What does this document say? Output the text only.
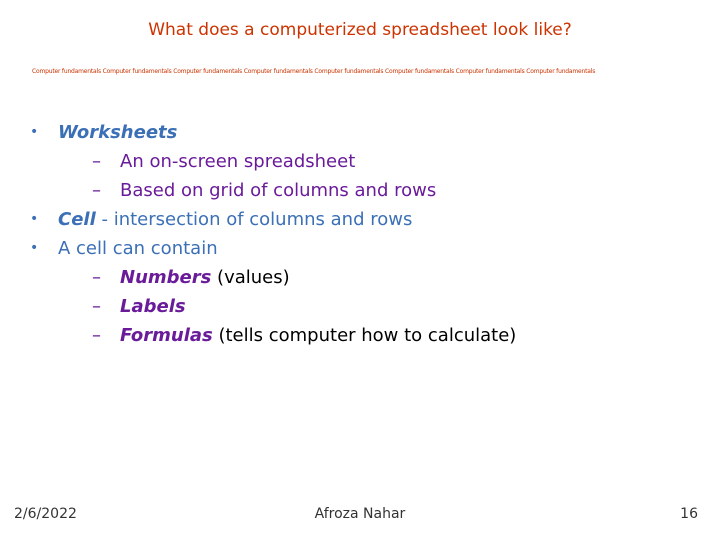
What does a computerized spreadsheet look like?
Computer fundamentals Computer fundamentals Computer fundamentals Computer fundamentals Computer fundamentals Computer fundamentals Computer fundamentals Computer fundamentals
• Worksheets
– An on-screen spreadsheet
– Based on grid of columns and rows
• Cell - intersection of columns and rows
• A cell can contain
– Numbers (values)
– Labels
– Formulas (tells computer how to calculate)
2/6/2022	Afroza Nahar	16
